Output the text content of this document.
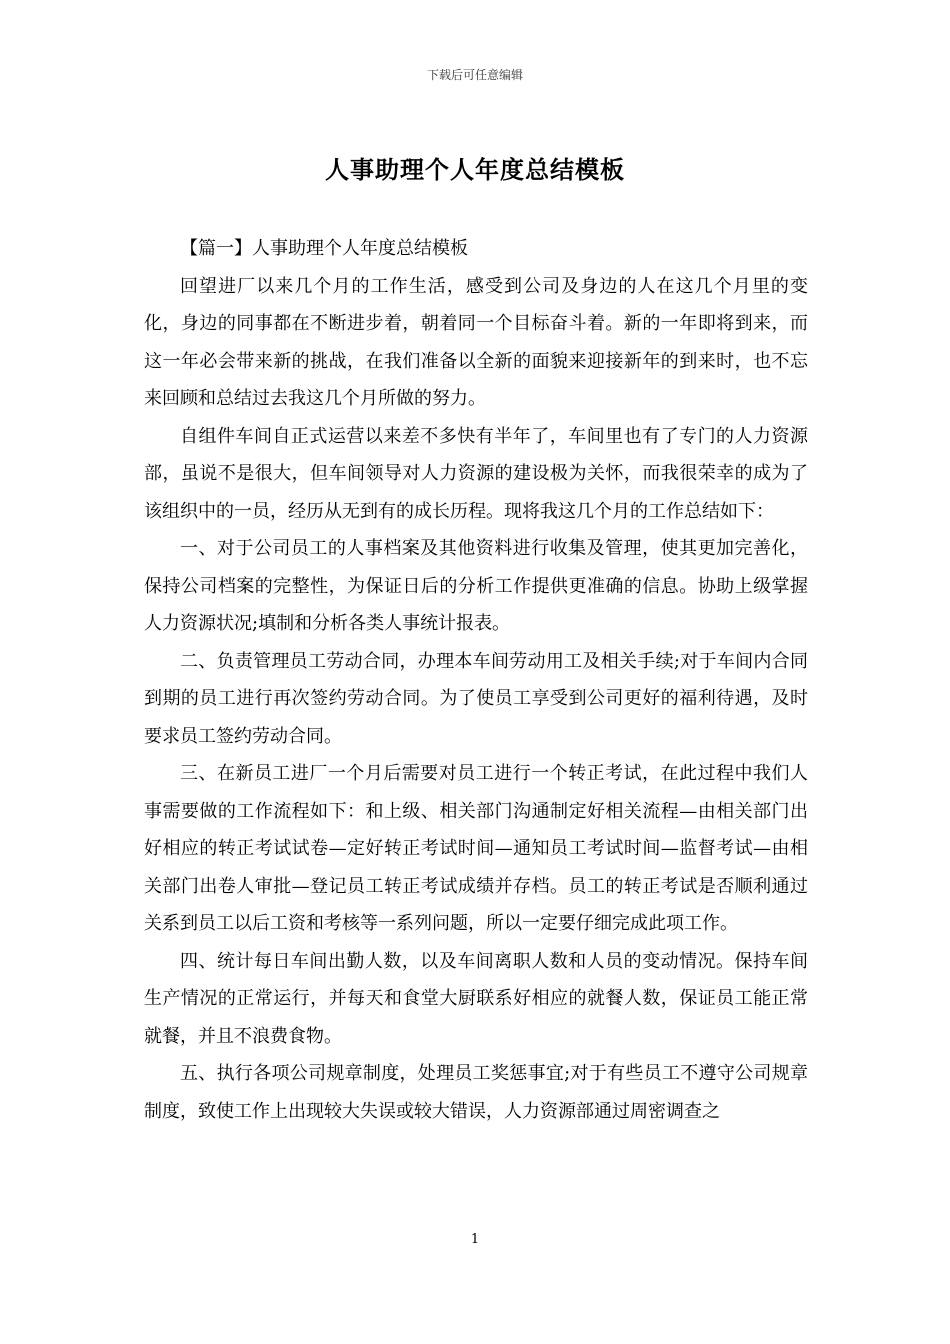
下载后可任意编辑
人事助理个人年度总结模板

【篇一】人事助理个人年度总结模板

回望进厂以来几个月的工作生活，感受到公司及身边的人在这几个月里的变化，身边的同事都在不断进步着，朝着同一个目标奋斗着。新的一年即将到来，而这一年必会带来新的挑战，在我们准备以全新的面貌来迎接新年的到来时，也不忘来回顾和总结过去我这几个月所做的努力。

自组件车间自正式运营以来差不多快有半年了，车间里也有了专门的人力资源部，虽说不是很大，但车间领导对人力资源的建设极为关怀，而我很荣幸的成为了该组织中的一员，经历从无到有的成长历程。现将我这几个月的工作总结如下：

一、对于公司员工的人事档案及其他资料进行收集及管理，使其更加完善化，保持公司档案的完整性，为保证日后的分析工作提供更准确的信息。协助上级掌握人力资源状况;填制和分析各类人事统计报表。

二、负责管理员工劳动合同，办理本车间劳动用工及相关手续;对于车间内合同到期的员工进行再次签约劳动合同。为了使员工享受到公司更好的福利待遇，及时要求员工签约劳动合同。

三、在新员工进厂一个月后需要对员工进行一个转正考试，在此过程中我们人事需要做的工作流程如下：和上级、相关部门沟通制定好相关流程—由相关部门出好相应的转正考试试卷—定好转正考试时间—通知员工考试时间—监督考试—由相关部门出卷人审批—登记员工转正考试成绩并存档。员工的转正考试是否顺利通过关系到员工以后工资和考核等一系列问题，所以一定要仔细完成此项工作。

四、统计每日车间出勤人数，以及车间离职人数和人员的变动情况。保持车间生产情况的正常运行，并每天和食堂大厨联系好相应的就餐人数，保证员工能正常就餐，并且不浪费食物。

五、执行各项公司规章制度，处理员工奖惩事宜;对于有些员工不遵守公司规章制度，致使工作上出现较大失误或较大错误，人力资源部通过周密调查之

1
